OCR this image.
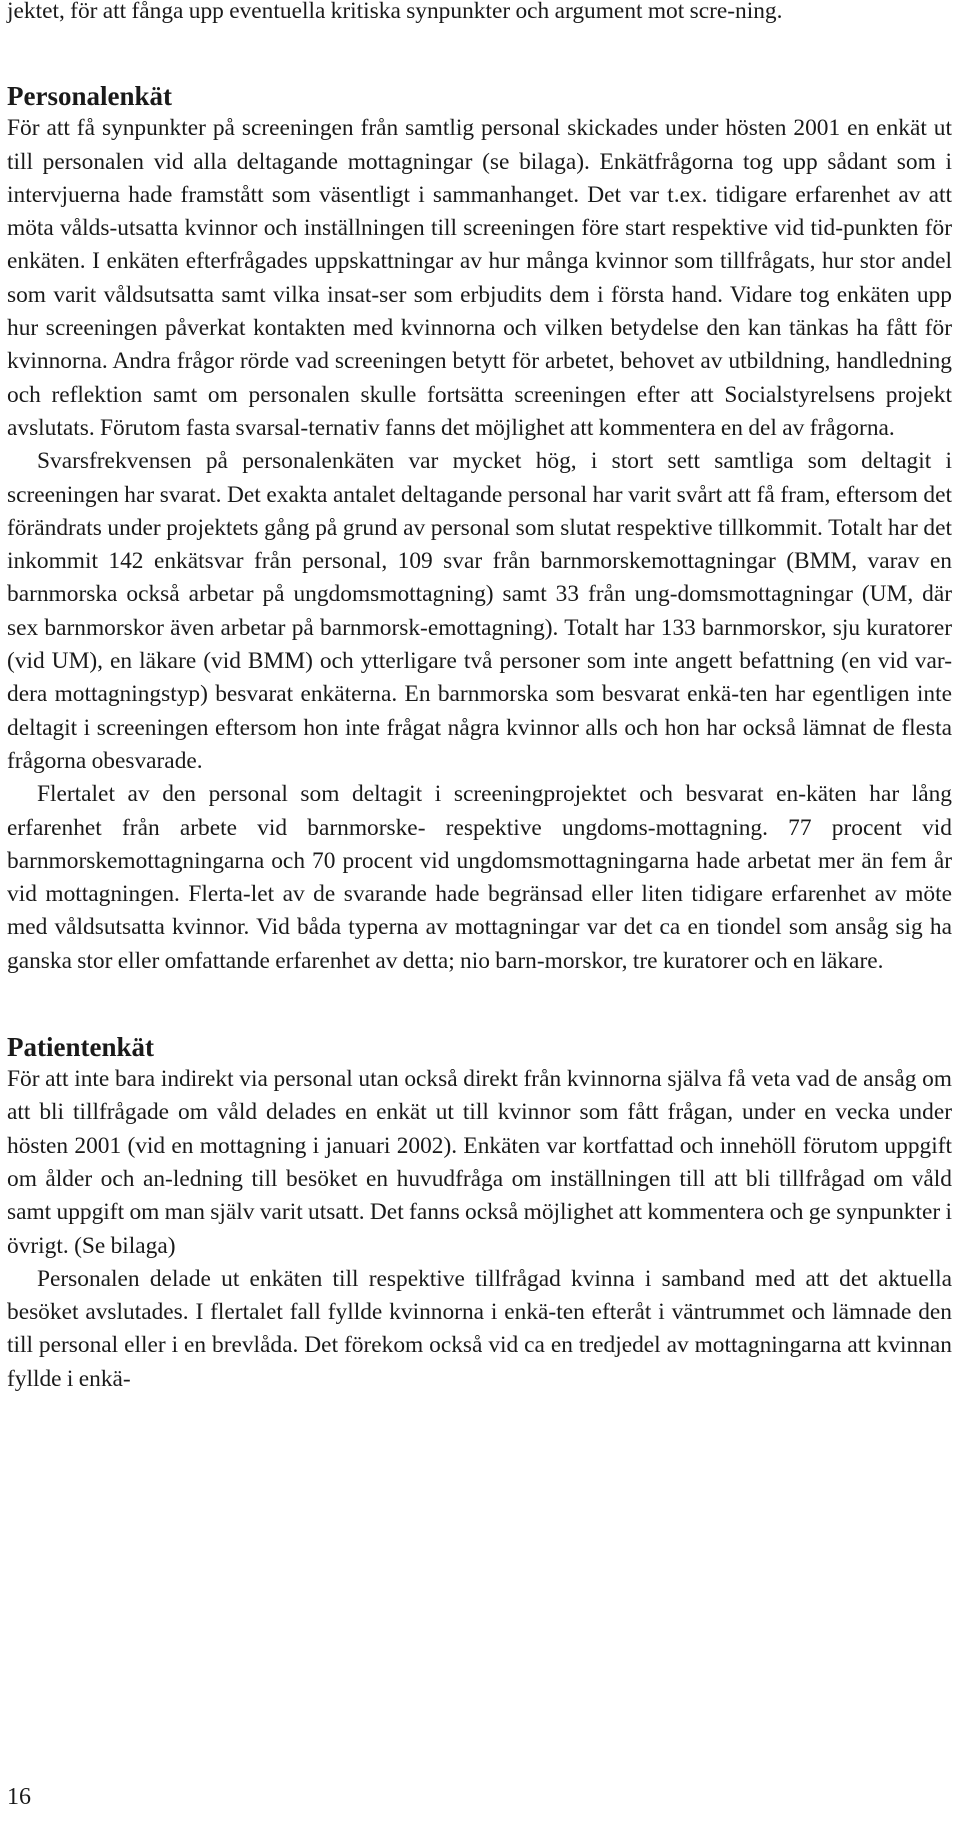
jektet, för att fånga upp eventuella kritiska synpunkter och argument mot scre-ning.

Personalenkät

För att få synpunkter på screeningen från samtlig personal skickades under hösten 2001 en enkät ut till personalen vid alla deltagande mottagningar (se bilaga). Enkätfrågorna tog upp sådant som i intervjuerna hade framstått som väsentligt i sammanhanget. Det var t.ex. tidigare erfarenhet av att möta vålds-utsatta kvinnor och inställningen till screeningen före start respektive vid tid-punkten för enkäten. I enkäten efterfrågades uppskattningar av hur många kvinnor som tillfrågats, hur stor andel som varit våldsutsatta samt vilka insat-ser som erbjudits dem i första hand. Vidare tog enkäten upp hur screeningen påverkat kontakten med kvinnorna och vilken betydelse den kan tänkas ha fått för kvinnorna. Andra frågor rörde vad screeningen betytt för arbetet, behovet av utbildning, handledning och reflektion samt om personalen skulle fortsätta screeningen efter att Socialstyrelsens projekt avslutats. Förutom fasta svarsal-ternativ fanns det möjlighet att kommentera en del av frågorna.

Svarsfrekvensen på personalenkäten var mycket hög, i stort sett samtliga som deltagit i screeningen har svarat. Det exakta antalet deltagande personal har varit svårt att få fram, eftersom det förändrats under projektets gång på grund av personal som slutat respektive tillkommit. Totalt har det inkommit 142 enkätsvar från personal, 109 svar från barnmorskemottagningar (BMM, varav en barnmorska också arbetar på ungdomsmottagning) samt 33 från ung-domsmottagningar (UM, där sex barnmorskor även arbetar på barnmorsk-emottagning). Totalt har 133 barnmorskor, sju kuratorer (vid UM), en läkare (vid BMM) och ytterligare två personer som inte angett befattning (en vid var-dera mottagningstyp) besvarat enkäterna. En barnmorska som besvarat enkä-ten har egentligen inte deltagit i screeningen eftersom hon inte frågat några kvinnor alls och hon har också lämnat de flesta frågorna obesvarade.

Flertalet av den personal som deltagit i screeningprojektet och besvarat en-käten har lång erfarenhet från arbete vid barnmorske- respektive ungdoms-mottagning. 77 procent vid barnmorskemottagningarna och 70 procent vid ungdomsmottagningarna hade arbetat mer än fem år vid mottagningen. Flerta-let av de svarande hade begränsad eller liten tidigare erfarenhet av möte med våldsutsatta kvinnor. Vid båda typerna av mottagningar var det ca en tiondel som ansåg sig ha ganska stor eller omfattande erfarenhet av detta; nio barn-morskor, tre kuratorer och en läkare.

Patientenkät

För att inte bara indirekt via personal utan också direkt från kvinnorna själva få veta vad de ansåg om att bli tillfrågade om våld delades en enkät ut till kvinnor som fått frågan, under en vecka under hösten 2001 (vid en mottagning i januari 2002). Enkäten var kortfattad och innehöll förutom uppgift om ålder och an-ledning till besöket en huvudfråga om inställningen till att bli tillfrågad om våld samt uppgift om man själv varit utsatt. Det fanns också möjlighet att kommentera och ge synpunkter i övrigt. (Se bilaga)

Personalen delade ut enkäten till respektive tillfrågad kvinna i samband med att det aktuella besöket avslutades. I flertalet fall fyllde kvinnorna i enkä-ten efteråt i väntrummet och lämnade den till personal eller i en brevlåda. Det förekom också vid ca en tredjedel av mottagningarna att kvinnan fyllde i enkä-

16
